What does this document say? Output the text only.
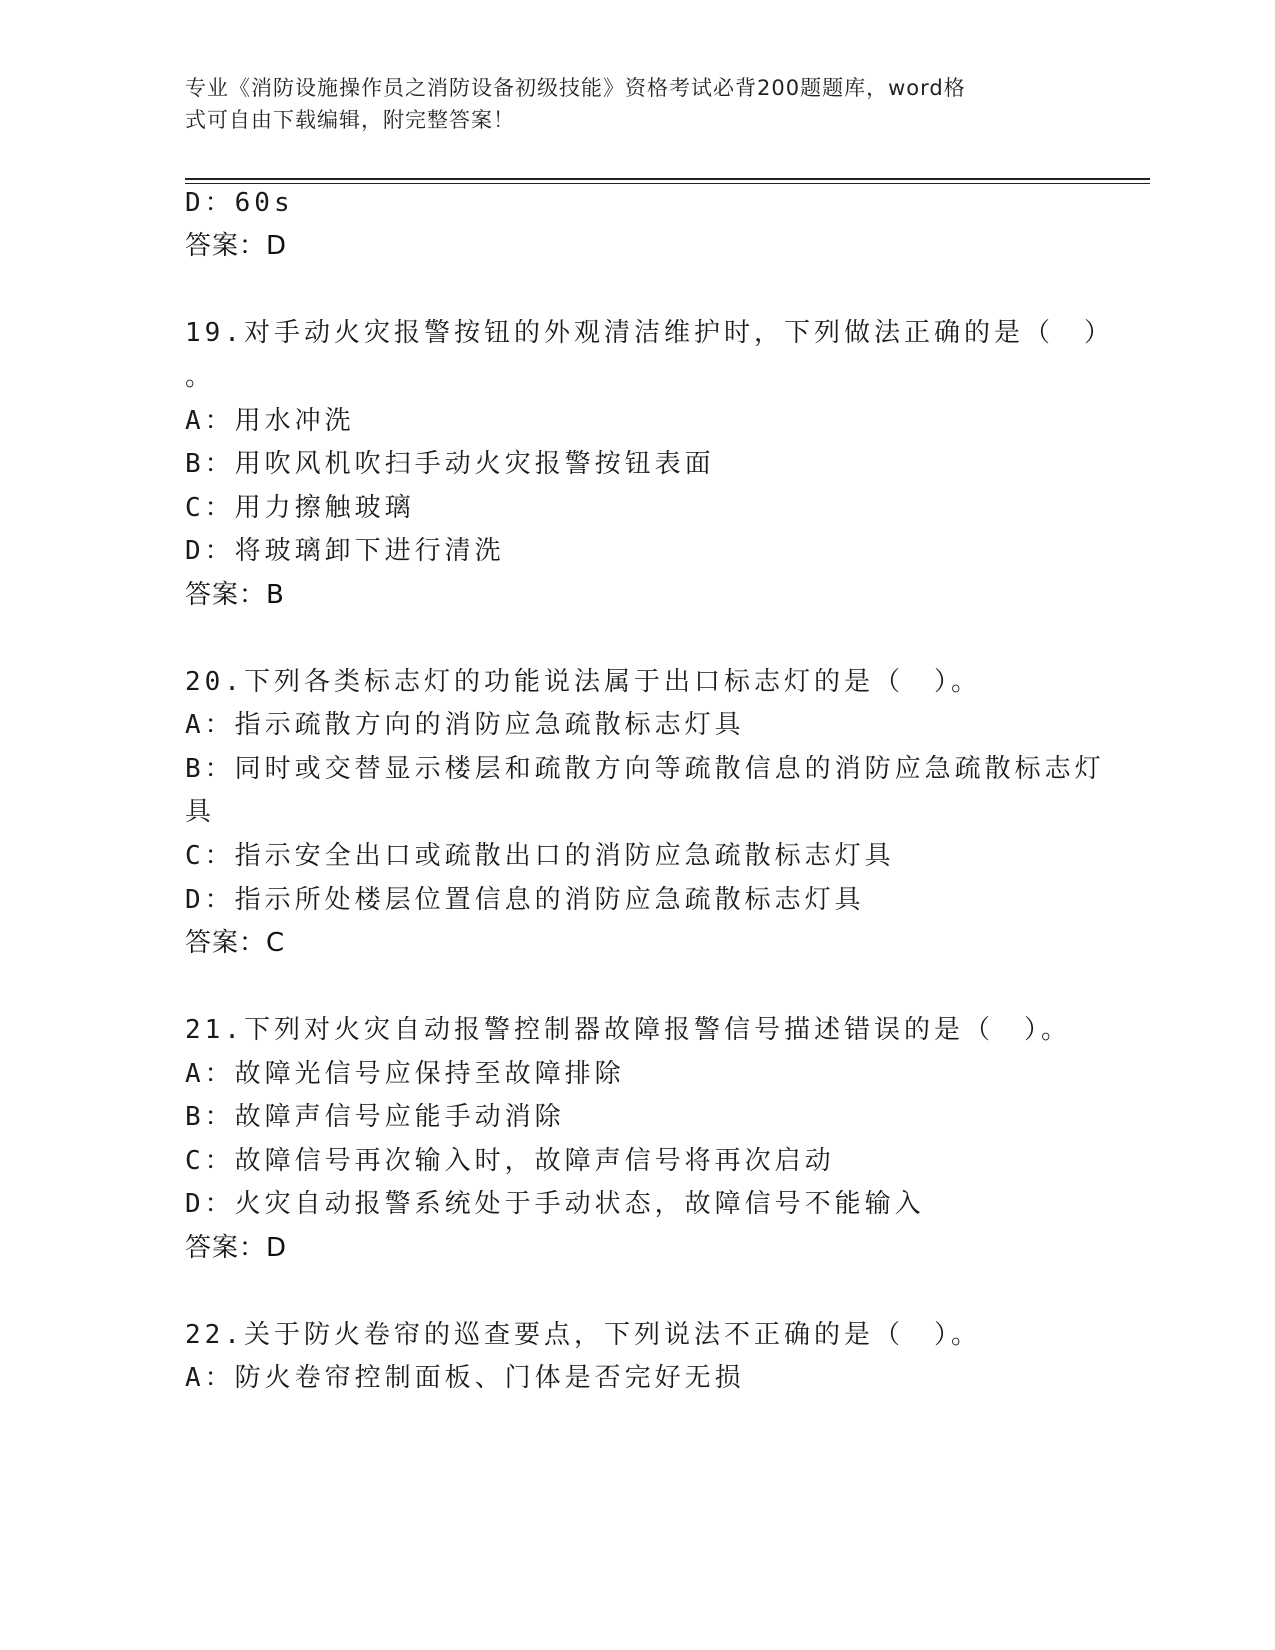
专业《消防设施操作员之消防设备初级技能》资格考试必背200题题库，word格
式可自由下载编辑，附完整答案！
D：60s
答案：D
19.对手动火灾报警按钮的外观清洁维护时，下列做法正确的是（　）
。
A：用水冲洗
B：用吹风机吹扫手动火灾报警按钮表面
C：用力擦触玻璃
D：将玻璃卸下进行清洗
答案：B
20.下列各类标志灯的功能说法属于出口标志灯的是（　）。
A：指示疏散方向的消防应急疏散标志灯具
B：同时或交替显示楼层和疏散方向等疏散信息的消防应急疏散标志灯
具
C：指示安全出口或疏散出口的消防应急疏散标志灯具
D：指示所处楼层位置信息的消防应急疏散标志灯具
答案：C
21.下列对火灾自动报警控制器故障报警信号描述错误的是（　）。
A：故障光信号应保持至故障排除
B：故障声信号应能手动消除
C：故障信号再次输入时，故障声信号将再次启动
D：火灾自动报警系统处于手动状态，故障信号不能输入
答案：D
22.关于防火卷帘的巡查要点，下列说法不正确的是（　）。
A：防火卷帘控制面板、门体是否完好无损
